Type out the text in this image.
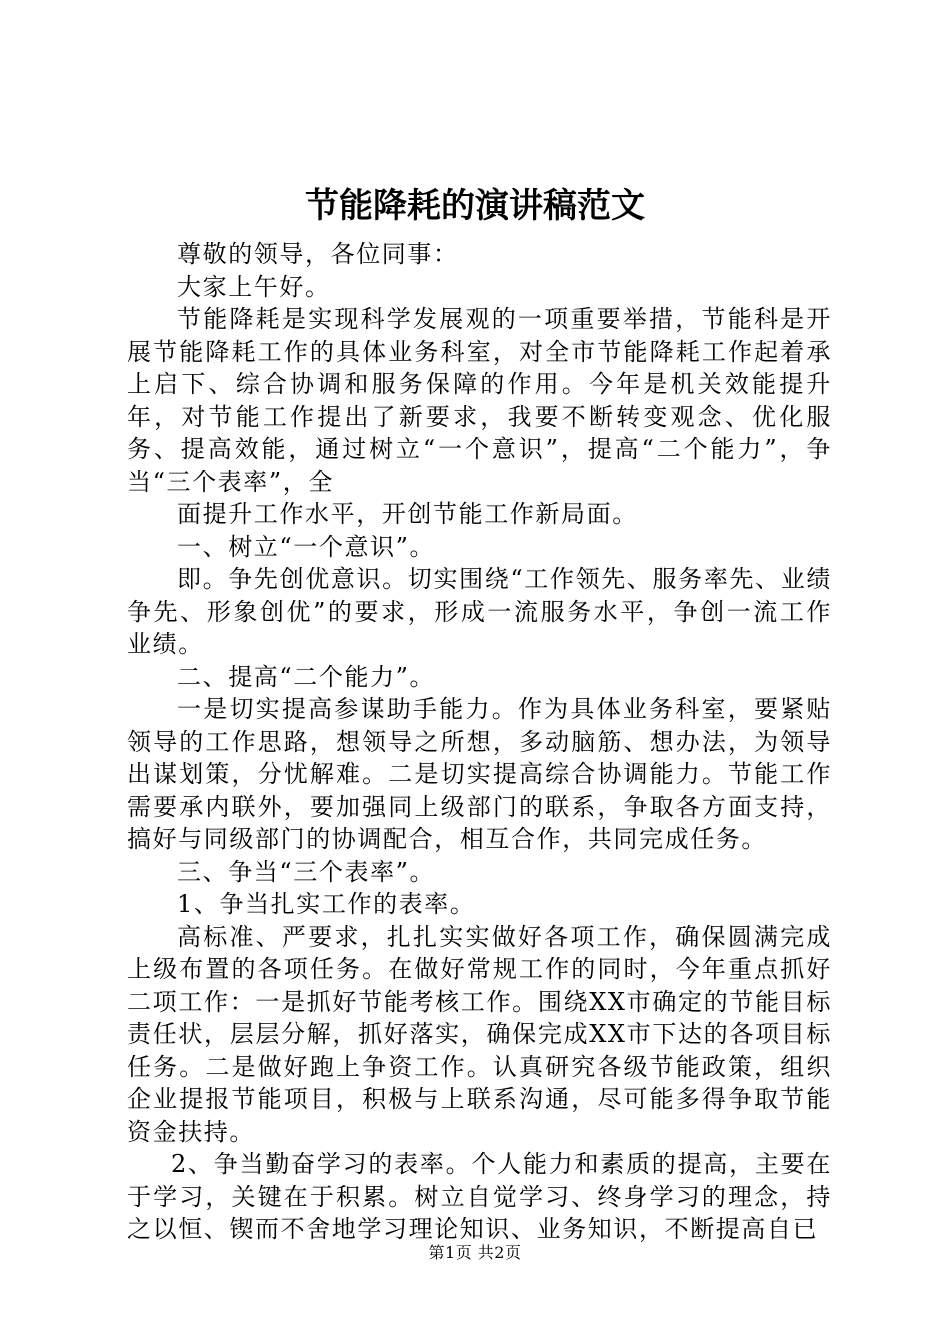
节能降耗的演讲稿范文

尊敬的领导，各位同事：

大家上午好。

节能降耗是实现科学发展观的一项重要举措，节能科是开展节能降耗工作的具体业务科室，对全市节能降耗工作起着承上启下、综合协调和服务保障的作用。今年是机关效能提升年，对节能工作提出了新要求，我要不断转变观念、优化服务、提高效能，通过树立“一个意识”，提高“二个能力”，争当“三个表率”，全

面提升工作水平，开创节能工作新局面。

一、树立“一个意识”。

即。争先创优意识。切实围绕“工作领先、服务率先、业绩争先、形象创优”的要求，形成一流服务水平，争创一流工作业绩。

二、提高“二个能力”。

一是切实提高参谋助手能力。作为具体业务科室，要紧贴领导的工作思路，想领导之所想，多动脑筋、想办法，为领导出谋划策，分忧解难。二是切实提高综合协调能力。节能工作需要承内联外，要加强同上级部门的联系，争取各方面支持，搞好与同级部门的协调配合，相互合作，共同完成任务。

三、争当“三个表率”。

1、争当扎实工作的表率。

高标准、严要求，扎扎实实做好各项工作，确保圆满完成上级布置的各项任务。在做好常规工作的同时，今年重点抓好二项工作：一是抓好节能考核工作。围绕XX市确定的节能目标责任状，层层分解，抓好落实，确保完成XX市下达的各项目标任务。二是做好跑上争资工作。认真研究各级节能政策，组织企业提报节能项目，积极与上联系沟通，尽可能多得争取节能资金扶持。

2、争当勤奋学习的表率。个人能力和素质的提高，主要在于学习，关键在于积累。树立自觉学习、终身学习的理念，持之以恒、锲而不舍地学习理论知识、业务知识，不断提高自已

第1页 共2页
